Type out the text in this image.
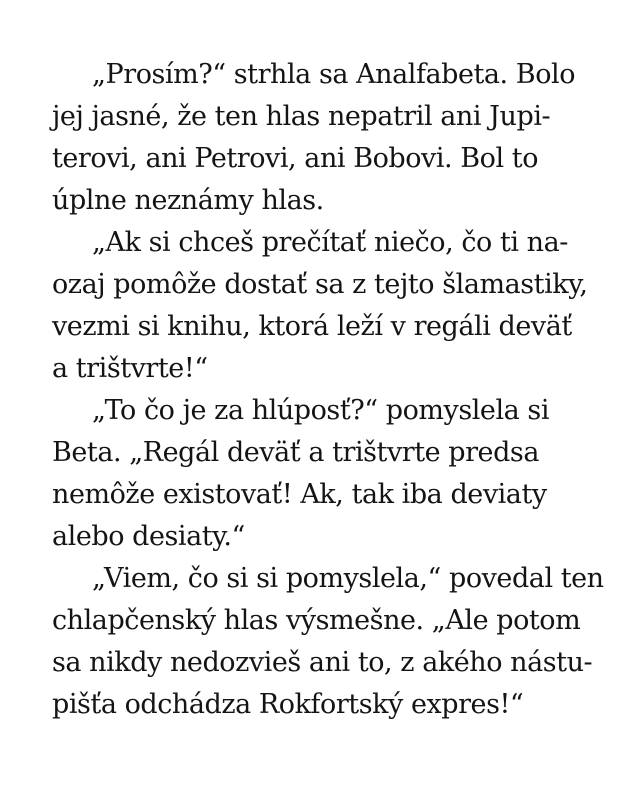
„Prosím?“ strhla sa Analfabeta. Bolo
jej jasné, že ten hlas nepatril ani Jupi-
terovi, ani Petrovi, ani Bobovi. Bol to
úplne neznámy hlas.
„Ak si chceš prečítať niečo, čo ti na-
ozaj pomôže dostať sa z tejto šlamastiky,
vezmi si knihu, ktorá leží v regáli deväť
a trištvrte!“
„To čo je za hlúposť?“ pomyslela si
Beta. „Regál deväť a trištvrte predsa
nemôže existovať! Ak, tak iba deviaty
alebo desiaty.“
„Viem, čo si si pomyslela,“ povedal ten
chlapčenský hlas výsmešne. „Ale potom
sa nikdy nedozvieš ani to, z akého nástu-
pišťa odchádza Rokfortský expres!“
